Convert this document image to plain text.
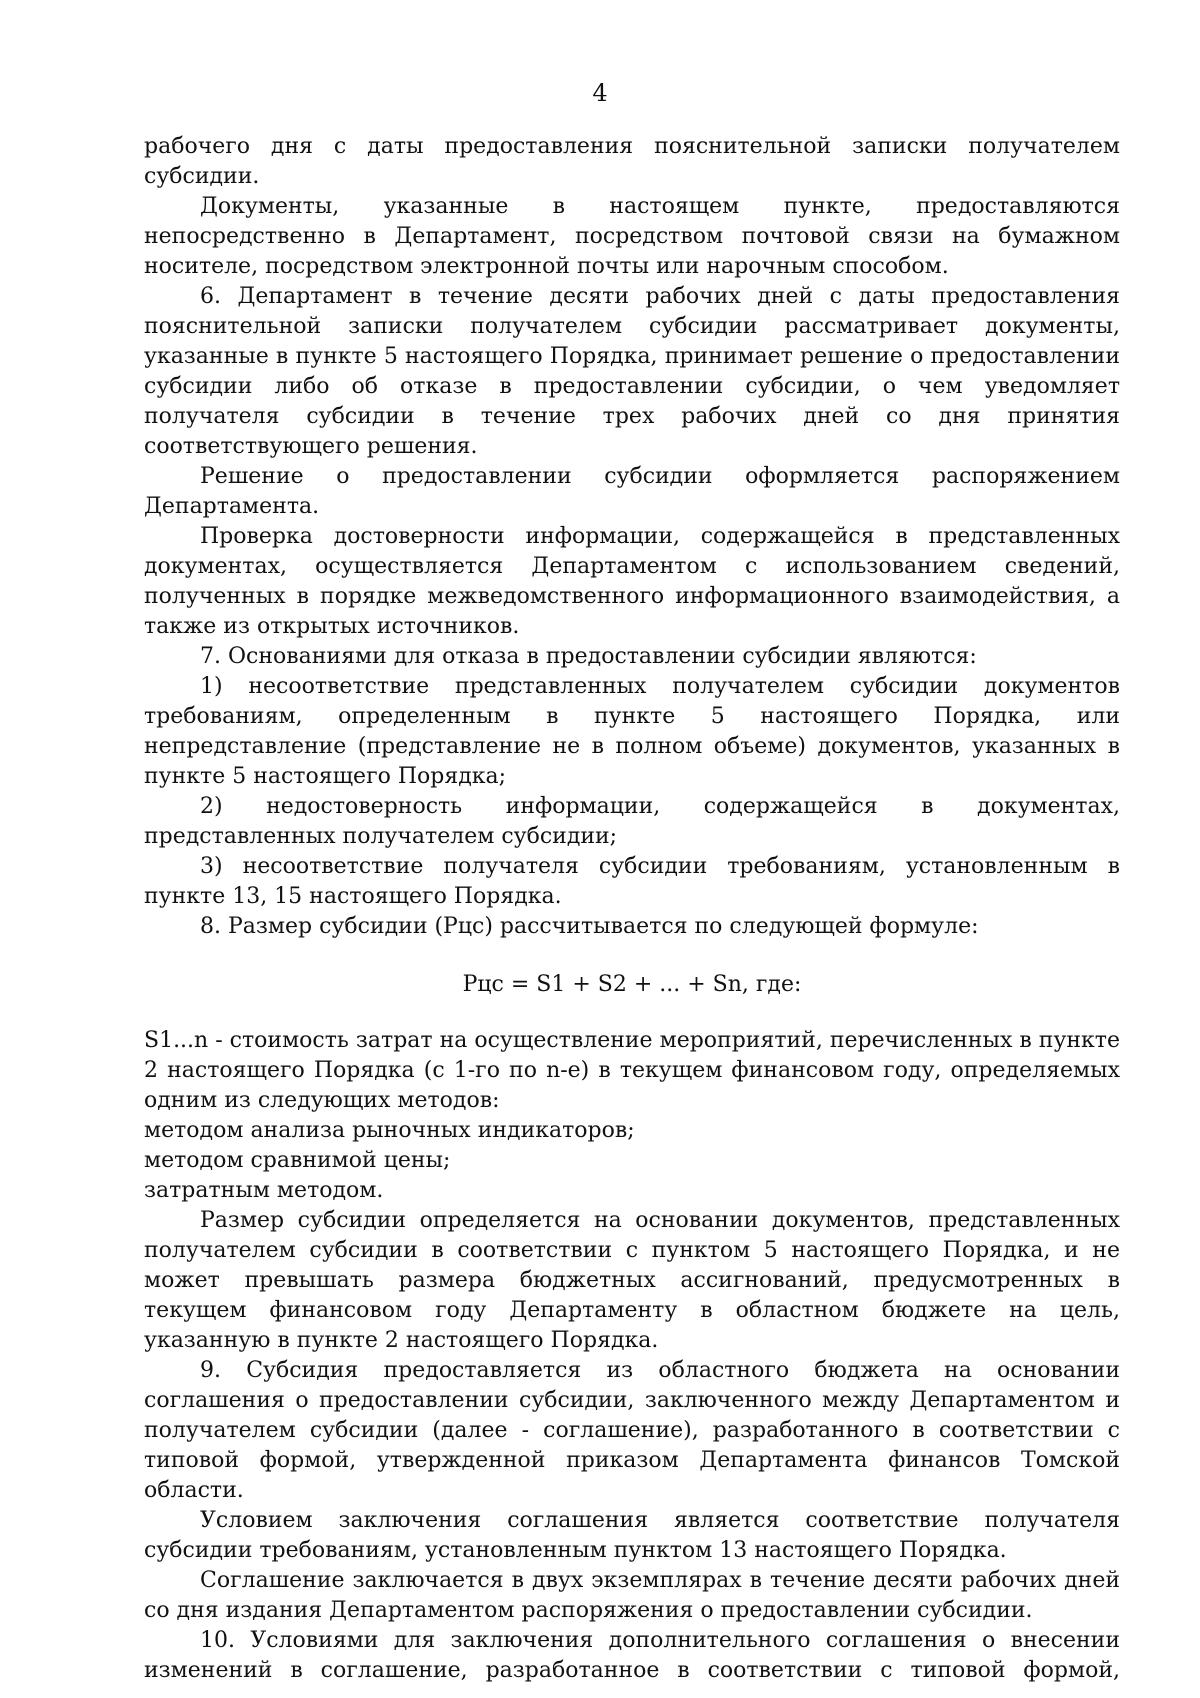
4

рабочего дня с даты предоставления пояснительной записки получателем субсидии.

Документы, указанные в настоящем пункте, предоставляются непосредственно в Департамент, посредством почтовой связи на бумажном носителе, посредством электронной почты или нарочным способом.

6. Департамент в течение десяти рабочих дней с даты предоставления пояснительной записки получателем субсидии рассматривает документы, указанные в пункте 5 настоящего Порядка, принимает решение о предоставлении субсидии либо об отказе в предоставлении субсидии, о чем уведомляет получателя субсидии в течение трех рабочих дней со дня принятия соответствующего решения.

Решение о предоставлении субсидии оформляется распоряжением Департамента.

Проверка достоверности информации, содержащейся в представленных документах, осуществляется Департаментом с использованием сведений, полученных в порядке межведомственного информационного взаимодействия, а также из открытых источников.

7. Основаниями для отказа в предоставлении субсидии являются:

1) несоответствие представленных получателем субсидии документов требованиям, определенным в пункте 5 настоящего Порядка, или непредставление (представление не в полном объеме) документов, указанных в пункте 5 настоящего Порядка;

2) недостоверность информации, содержащейся в документах, представленных получателем субсидии;

3) несоответствие получателя субсидии требованиям, установленным в пункте 13, 15 настоящего Порядка.

8. Размер субсидии (Рцс) рассчитывается по следующей формуле:

Рцс = S1 + S2 + ... + Sn, где:

S1...n - стоимость затрат на осуществление мероприятий, перечисленных в пункте 2 настоящего Порядка (с 1-го по n-е) в текущем финансовом году, определяемых одним из следующих методов:

методом анализа рыночных индикаторов;

методом сравнимой цены;

затратным методом.

Размер субсидии определяется на основании документов, представленных получателем субсидии в соответствии с пунктом 5 настоящего Порядка, и не может превышать размера бюджетных ассигнований, предусмотренных в текущем финансовом году Департаменту в областном бюджете на цель, указанную в пункте 2 настоящего Порядка.

9. Субсидия предоставляется из областного бюджета на основании соглашения о предоставлении субсидии, заключенного между Департаментом и получателем субсидии (далее - соглашение), разработанного в соответствии с типовой формой, утвержденной приказом Департамента финансов Томской области.

Условием заключения соглашения является соответствие получателя субсидии требованиям, установленным пунктом 13 настоящего Порядка.

Соглашение заключается в двух экземплярах в течение десяти рабочих дней со дня издания Департаментом распоряжения о предоставлении субсидии.

10. Условиями для заключения дополнительного соглашения о внесении изменений в соглашение, разработанное в соответствии с типовой формой,
